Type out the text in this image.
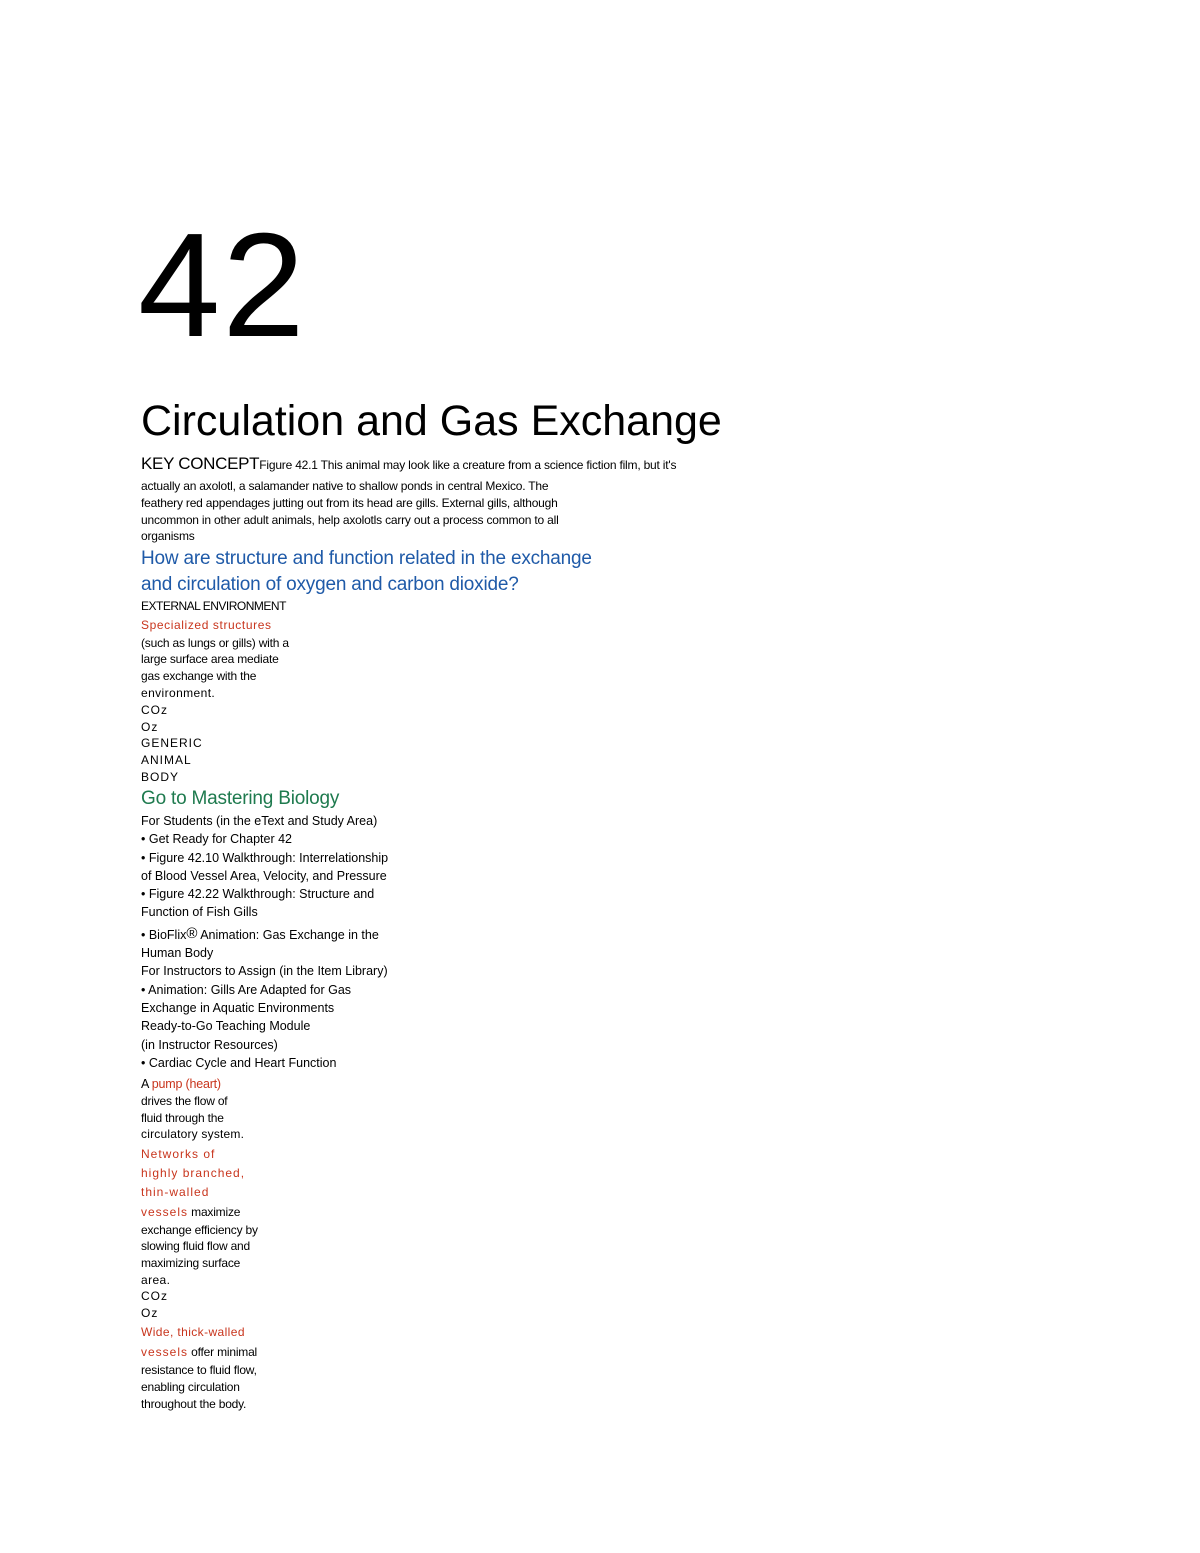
42
Circulation and Gas Exchange
KEY CONCEPTFigure 42.1 This animal may look like a creature from a science fiction film, but it's
actually an axolotl, a salamander native to shallow ponds in central Mexico. The
feathery red appendages jutting out from its head are gills. External gills, although
uncommon in other adult animals, help axolotls carry out a process common to all
organisms
How are structure and function related in the exchange
and circulation of oxygen and carbon dioxide?
EXTERNAL ENVIRONMENT
Specialized structures
(such as lungs or gills) with a
large surface area mediate
gas exchange with the
environment.
COz
Oz
GENERIC
ANIMAL
BODY
Go to Mastering Biology
For Students (in the eText and Study Area)
• Get Ready for Chapter 42
• Figure 42.10 Walkthrough: Interrelationship
of Blood Vessel Area, Velocity, and Pressure
• Figure 42.22 Walkthrough: Structure and
Function of Fish Gills
• BioFlix® Animation: Gas Exchange in the
Human Body
For Instructors to Assign (in the Item Library)
• Animation: Gills Are Adapted for Gas
Exchange in Aquatic Environments
Ready-to-Go Teaching Module
(in Instructor Resources)
• Cardiac Cycle and Heart Function
A pump (heart)
drives the flow of
fluid through the
circulatory system.
Networks of
highly branched,
thin-walled
vessels maximize
exchange efficiency by
slowing fluid flow and
maximizing surface
area.
COz
Oz
Wide, thick-walled
vessels offer minimal
resistance to fluid flow,
enabling circulation
throughout the body.
